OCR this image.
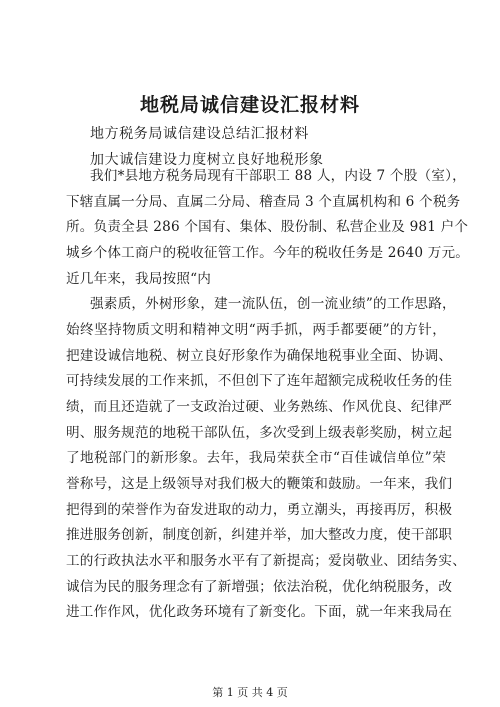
地税局诚信建设汇报材料
地方税务局诚信建设总结汇报材料
加大诚信建设力度树立良好地税形象
我们*县地方税务局现有干部职工 88 人，内设 7 个股（室），
下辖直属一分局、直属二分局、稽查局 3 个直属机构和 6 个税务
所。负责全县 286 个国有、集体、股份制、私营企业及 981 户个
城乡个体工商户的税收征管工作。今年的税收任务是 2640 万元。
近几年来，我局按照“内
强素质，外树形象，建一流队伍，创一流业绩”的工作思路，
始终坚持物质文明和精神文明“两手抓，两手都要硬”的方针，
把建设诚信地税、树立良好形象作为确保地税事业全面、协调、
可持续发展的工作来抓，不但创下了连年超额完成税收任务的佳
绩，而且还造就了一支政治过硬、业务熟练、作风优良、纪律严
明、服务规范的地税干部队伍，多次受到上级表彰奖励，树立起
了地税部门的新形象。去年，我局荣获全市“百佳诚信单位”荣
誉称号，这是上级领导对我们极大的鞭策和鼓励。一年来，我们
把得到的荣誉作为奋发进取的动力，勇立潮头，再接再厉，积极
推进服务创新，制度创新，纠建并举，加大整改力度，使干部职
工的行政执法水平和服务水平有了新提高；爱岗敬业、团结务实、
诚信为民的服务理念有了新增强；依法治税，优化纳税服务，改
进工作作风，优化政务环境有了新变化。下面，就一年来我局在
第 1 页 共 4 页
